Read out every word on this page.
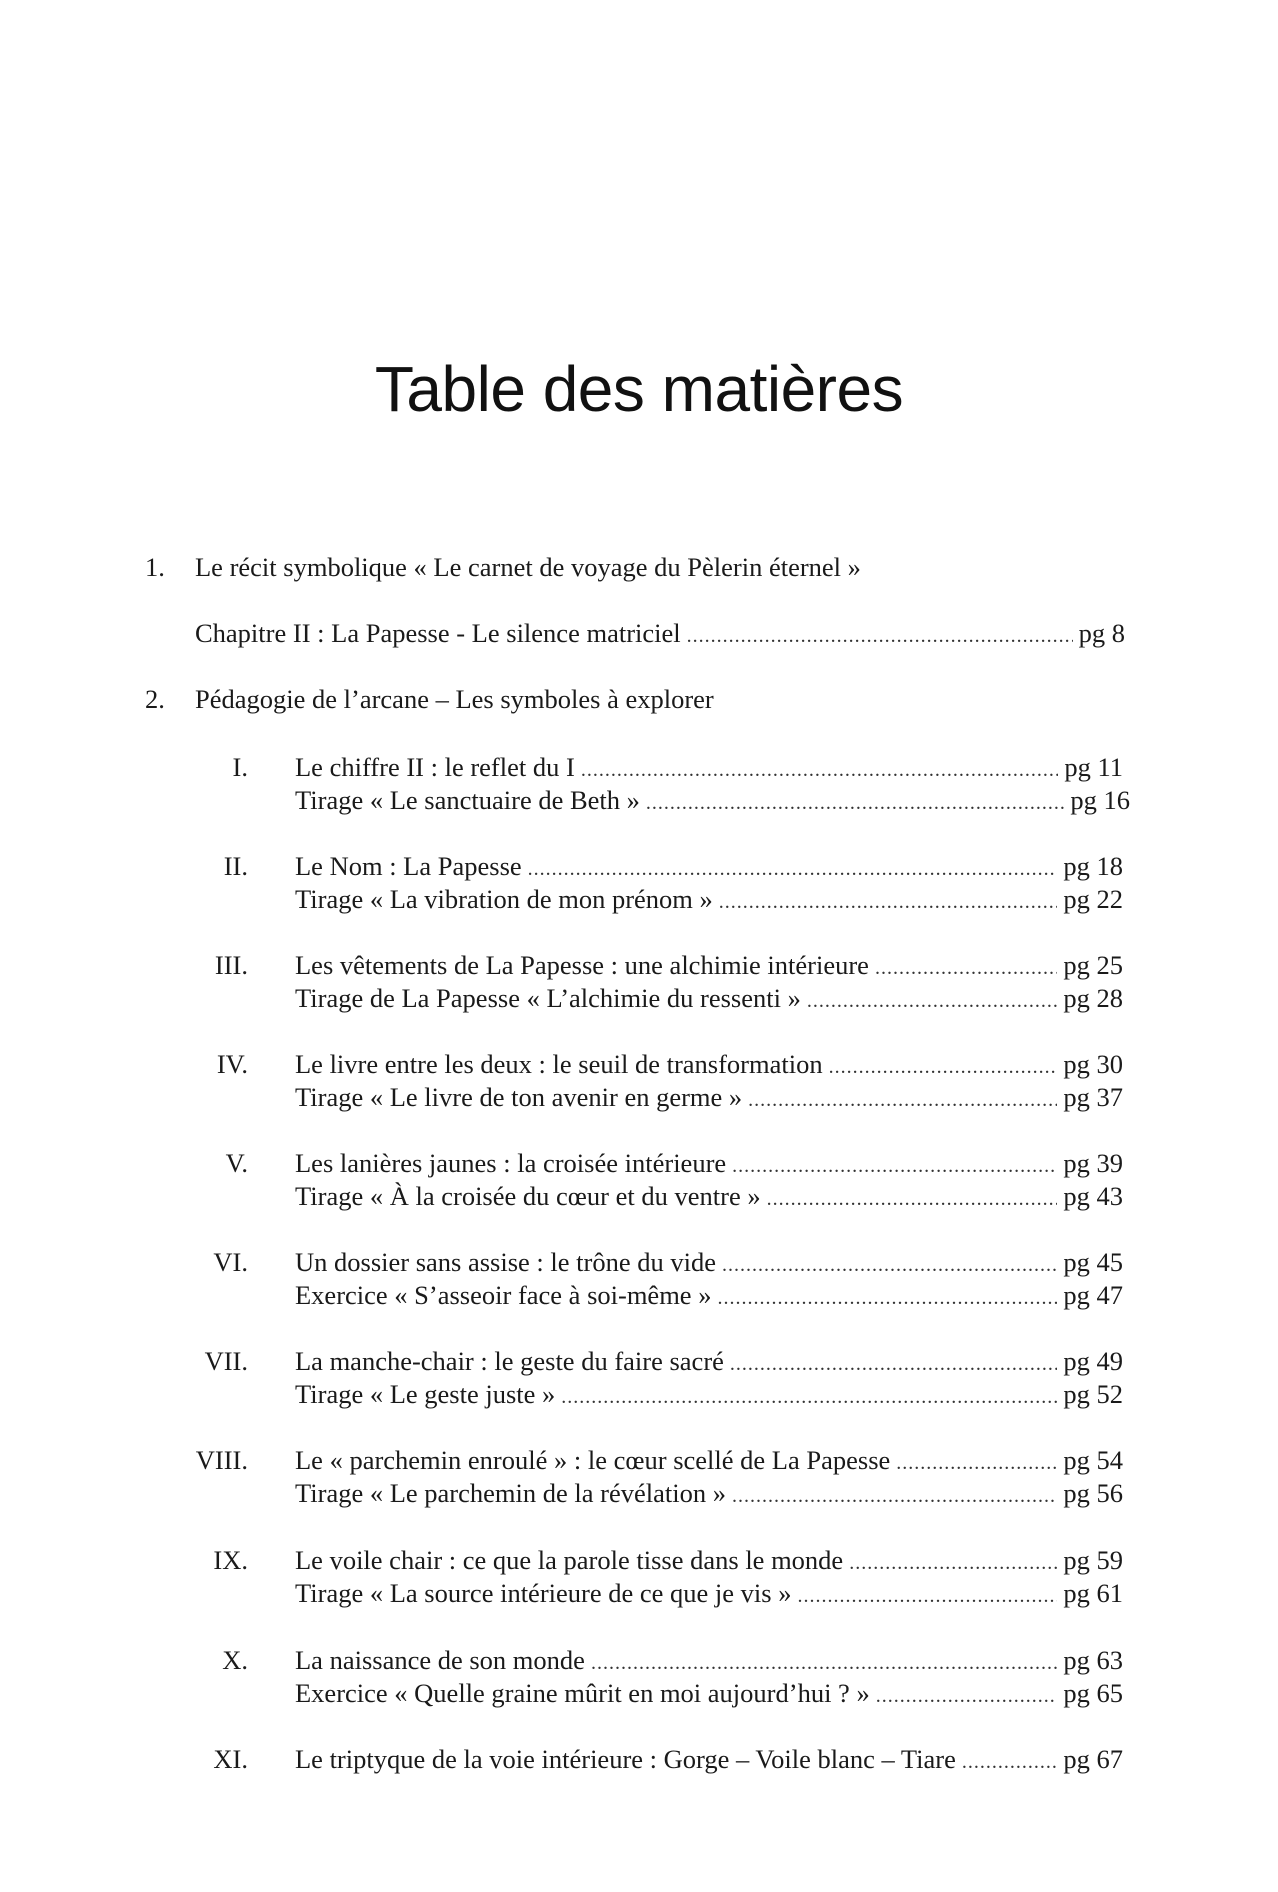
Table des matières
1. Le récit symbolique « Le carnet de voyage du Pèlerin éternel »
Chapitre II : La Papesse - Le silence matriciel .....	pg 8
2. Pédagogie de l’arcane – Les symboles à explorer
I. Le chiffre II : le reflet du I .....	pg 11
Tirage « Le sanctuaire de Beth » .....	pg 16
II. Le Nom : La Papesse .....	pg 18
Tirage « La vibration de mon prénom » .....	pg 22
III. Les vêtements de La Papesse : une alchimie intérieure .....	pg 25
Tirage de La Papesse « L’alchimie du ressenti » .....	pg 28
IV. Le livre entre les deux : le seuil de transformation .....	pg 30
Tirage « Le livre de ton avenir en germe » .....	pg 37
V. Les lanières jaunes : la croisée intérieure .....	pg 39
Tirage « À la croisée du cœur et du ventre » .....	pg 43
VI. Un dossier sans assise : le trône du vide .....	pg 45
Exercice « S’asseoir face à soi-même » .....	pg 47
VII. La manche-chair : le geste du faire sacré .....	pg 49
Tirage « Le geste juste » .....	pg 52
VIII. Le « parchemin enroulé » : le cœur scellé de La Papesse .....	pg 54
Tirage « Le parchemin de la révélation » .....	pg 56
IX. Le voile chair : ce que la parole tisse dans le monde .....	pg 59
Tirage « La source intérieure de ce que je vis » .....	pg 61
X. La naissance de son monde .....	pg 63
Exercice « Quelle graine mûrit en moi aujourd’hui ? » .....	pg 65
XI. Le triptyque de la voie intérieure : Gorge – Voile blanc – Tiare .....	pg 67
